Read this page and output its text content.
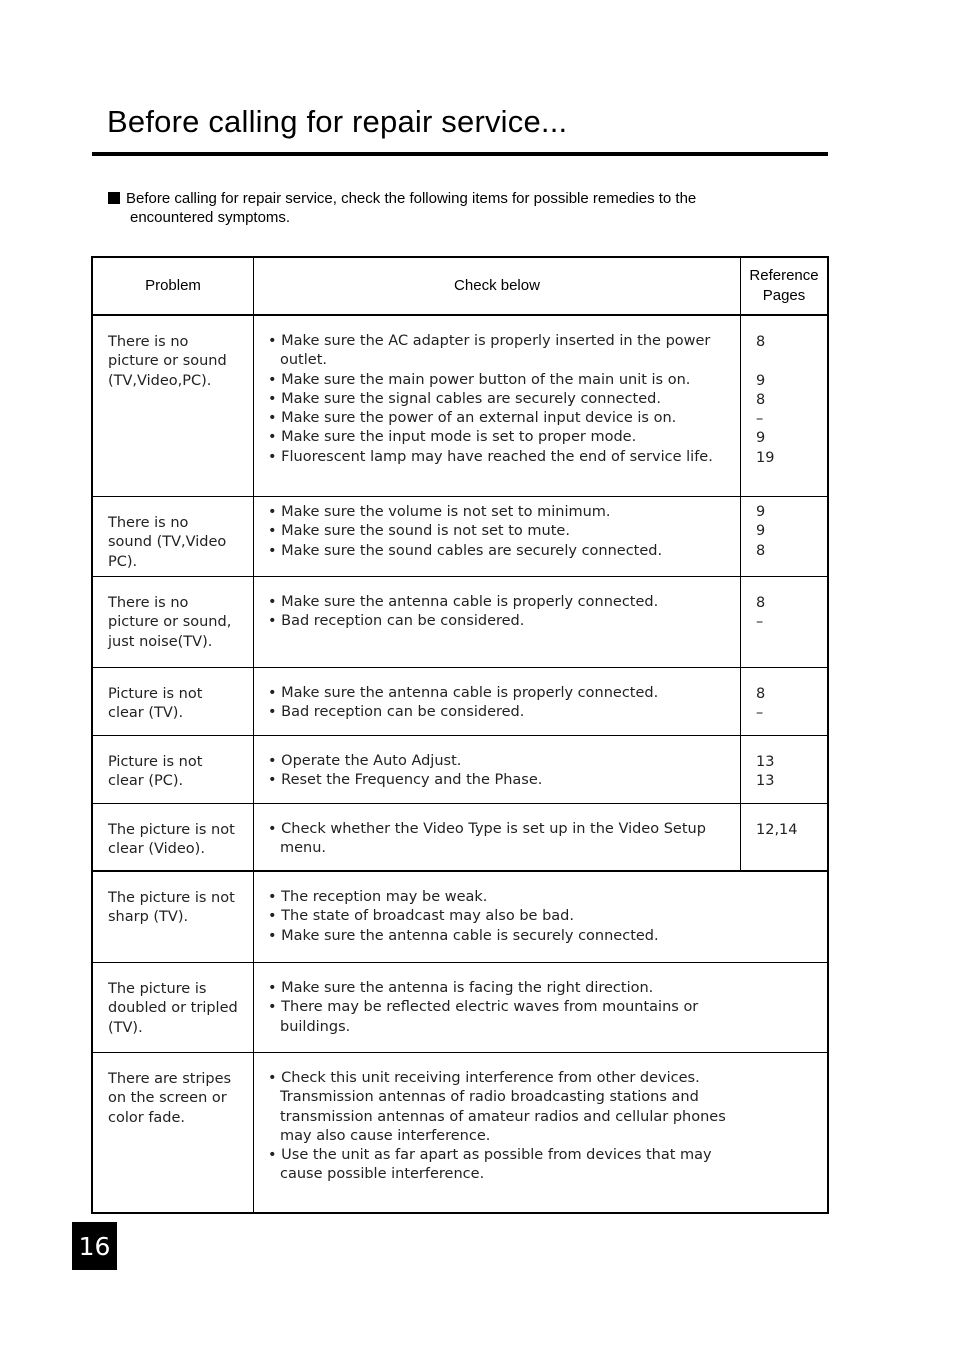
Before calling for repair service...
Before calling for repair service, check the following items for possible remedies to the
encountered symptoms.
Problem	Check below
Reference
Pages
There is no
picture or sound
(TV,Video,PC).
• Make sure the AC adapter is properly inserted in the power outlet.
• Make sure the main power button of the main unit is on.
• Make sure the signal cables are securely connected.
• Make sure the power of an external input device is on.
• Make sure the input mode is set to proper mode.
• Fluorescent lamp may have reached the end of service life.
8
9
8
–
9
19
There is no
sound (TV,Video
PC).
• Make sure the volume is not set to minimum.
• Make sure the sound is not set to mute.
• Make sure the sound cables are securely connected.
9
9
8
There is no
picture or sound,
just noise(TV).
• Make sure the antenna cable is properly connected.
• Bad reception can be considered.
8
–
Picture is not
clear (TV).
• Make sure the antenna cable is properly connected.
• Bad reception can be considered.
8
–
Picture is not
clear (PC).
• Operate the Auto Adjust.
• Reset the Frequency and the Phase.
13
13
The picture is not
clear (Video).
• Check whether the Video Type is set up in the Video Setup menu.
12,14
The picture is not
sharp (TV).
• The reception may be weak.
• The state of broadcast may also be bad.
• Make sure the antenna cable is securely connected.
The picture is
doubled or tripled
(TV).
• Make sure the antenna is facing the right direction.
• There may be reflected electric waves from mountains or buildings.
There are stripes
on the screen or
color fade.
• Check this unit receiving interference from other devices. Transmission antennas of radio broadcasting stations and transmission antennas of amateur radios and cellular phones may also cause interference.
• Use the unit as far apart as possible from devices that may cause possible interference.
16
